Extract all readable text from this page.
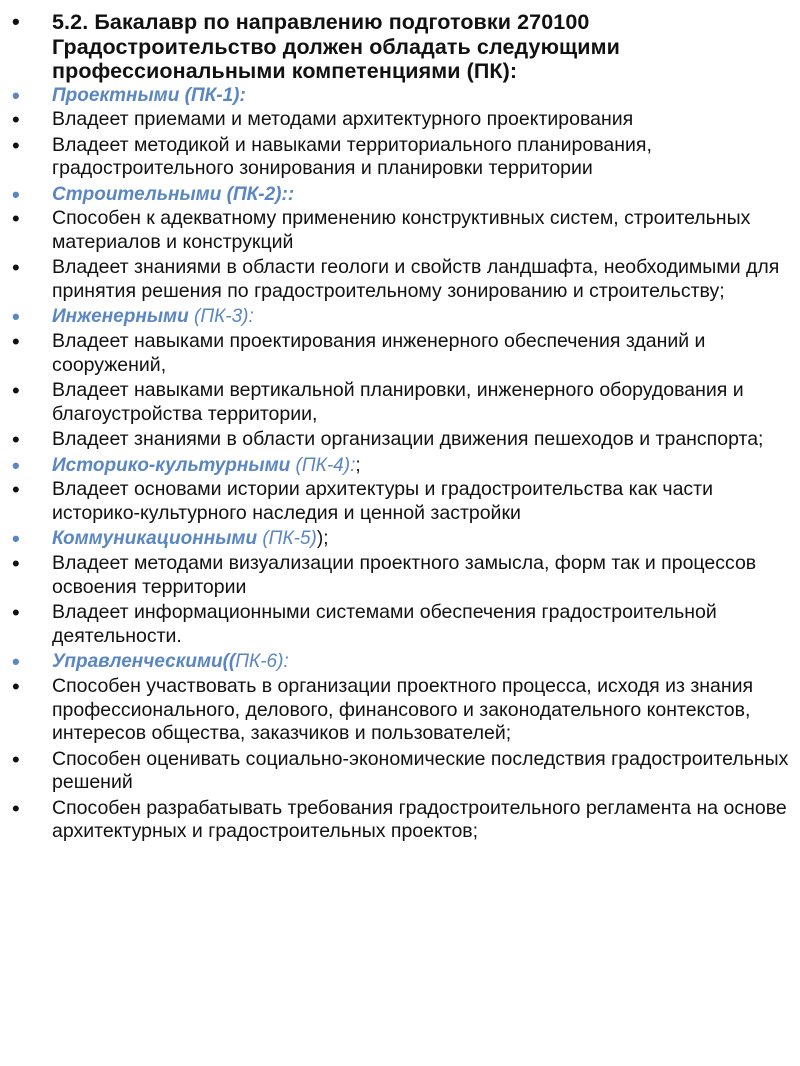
•	5.2. Бакалавр по направлению подготовки 270100 Градостроительство должен обладать следующими профессиональными компетенциями (ПК):
•	Проектными (ПК-1):
•	Владеет приемами и методами архитектурного проектирования
•	Владеет методикой и навыками территориального планирования, градостроительного зонирования и планировки территории
•	Строительными (ПК-2)::
•	Способен к адекватному применению конструктивных систем, строительных материалов и конструкций
•	Владеет знаниями в области геологи и свойств ландшафта, необходимыми для принятия решения по градостроительному зонированию и строительству;
•	Инженерными (ПК-3):
•	Владеет навыками проектирования инженерного обеспечения зданий и сооружений,
•	Владеет навыками вертикальной планировки, инженерного оборудования и благоустройства территории,
•	Владеет знаниями в области организации движения пешеходов и транспорта;
•	Историко-культурными (ПК-4):;
•	Владеет основами истории архитектуры и градостроительства как части историко-культурного наследия и ценной застройки
•	Коммуникационными (ПК-5));
•	Владеет методами визуализации проектного замысла, форм так и процессов освоения территории
•	Владеет информационными системами обеспечения градостроительной деятельности.
•	Управленческими((ПК-6):
•	Способен участвовать в организации проектного процесса, исходя из знания профессионального, делового, финансового и законодательного контекстов, интересов общества, заказчиков и пользователей;
•	Способен оценивать социально-экономические последствия градостроительных решений
•	Способен разрабатывать требования градостроительного регламента на основе архитектурных и градостроительных проектов;
